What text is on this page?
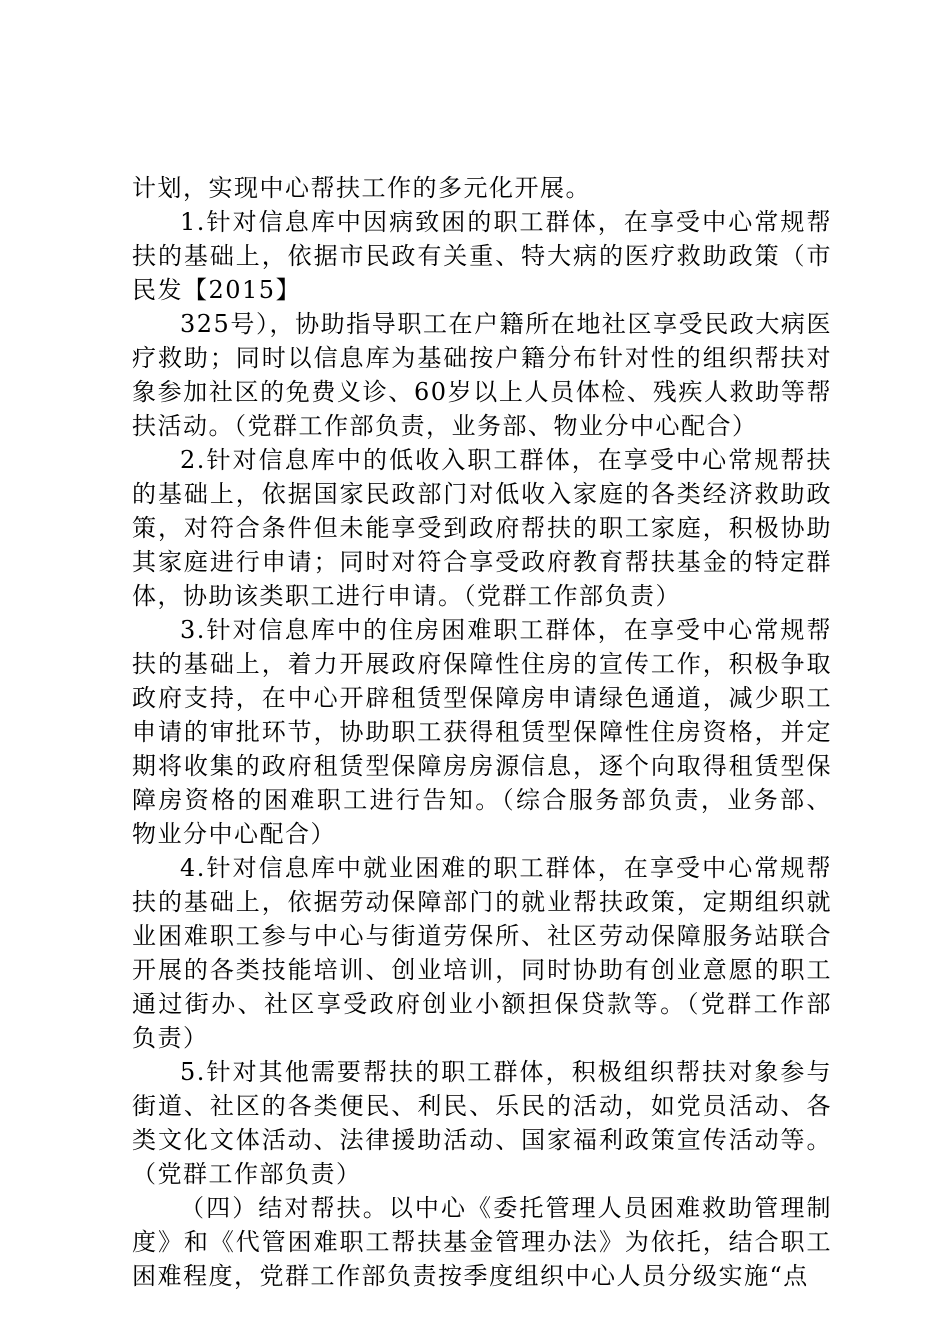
计划，实现中心帮扶工作的多元化开展。

1.针对信息库中因病致困的职工群体，在享受中心常规帮扶的基础上，依据市民政有关重、特大病的医疗救助政策（市民发【2015】

325号），协助指导职工在户籍所在地社区享受民政大病医疗救助；同时以信息库为基础按户籍分布针对性的组织帮扶对象参加社区的免费义诊、60岁以上人员体检、残疾人救助等帮扶活动。（党群工作部负责，业务部、物业分中心配合）

2.针对信息库中的低收入职工群体，在享受中心常规帮扶的基础上，依据国家民政部门对低收入家庭的各类经济救助政策，对符合条件但未能享受到政府帮扶的职工家庭，积极协助其家庭进行申请；同时对符合享受政府教育帮扶基金的特定群体，协助该类职工进行申请。（党群工作部负责）

3.针对信息库中的住房困难职工群体，在享受中心常规帮扶的基础上，着力开展政府保障性住房的宣传工作，积极争取政府支持，在中心开辟租赁型保障房申请绿色通道，减少职工申请的审批环节，协助职工获得租赁型保障性住房资格，并定期将收集的政府租赁型保障房房源信息，逐个向取得租赁型保障房资格的困难职工进行告知。（综合服务部负责，业务部、物业分中心配合）

4.针对信息库中就业困难的职工群体，在享受中心常规帮扶的基础上，依据劳动保障部门的就业帮扶政策，定期组织就业困难职工参与中心与街道劳保所、社区劳动保障服务站联合开展的各类技能培训、创业培训，同时协助有创业意愿的职工通过街办、社区享受政府创业小额担保贷款等。（党群工作部负责）

5.针对其他需要帮扶的职工群体，积极组织帮扶对象参与街道、社区的各类便民、利民、乐民的活动，如党员活动、各类文化文体活动、法律援助活动、国家福利政策宣传活动等。（党群工作部负责）

（四）结对帮扶。以中心《委托管理人员困难救助管理制度》和《代管困难职工帮扶基金管理办法》为依托，结合职工困难程度，党群工作部负责按季度组织中心人员分级实施“点
